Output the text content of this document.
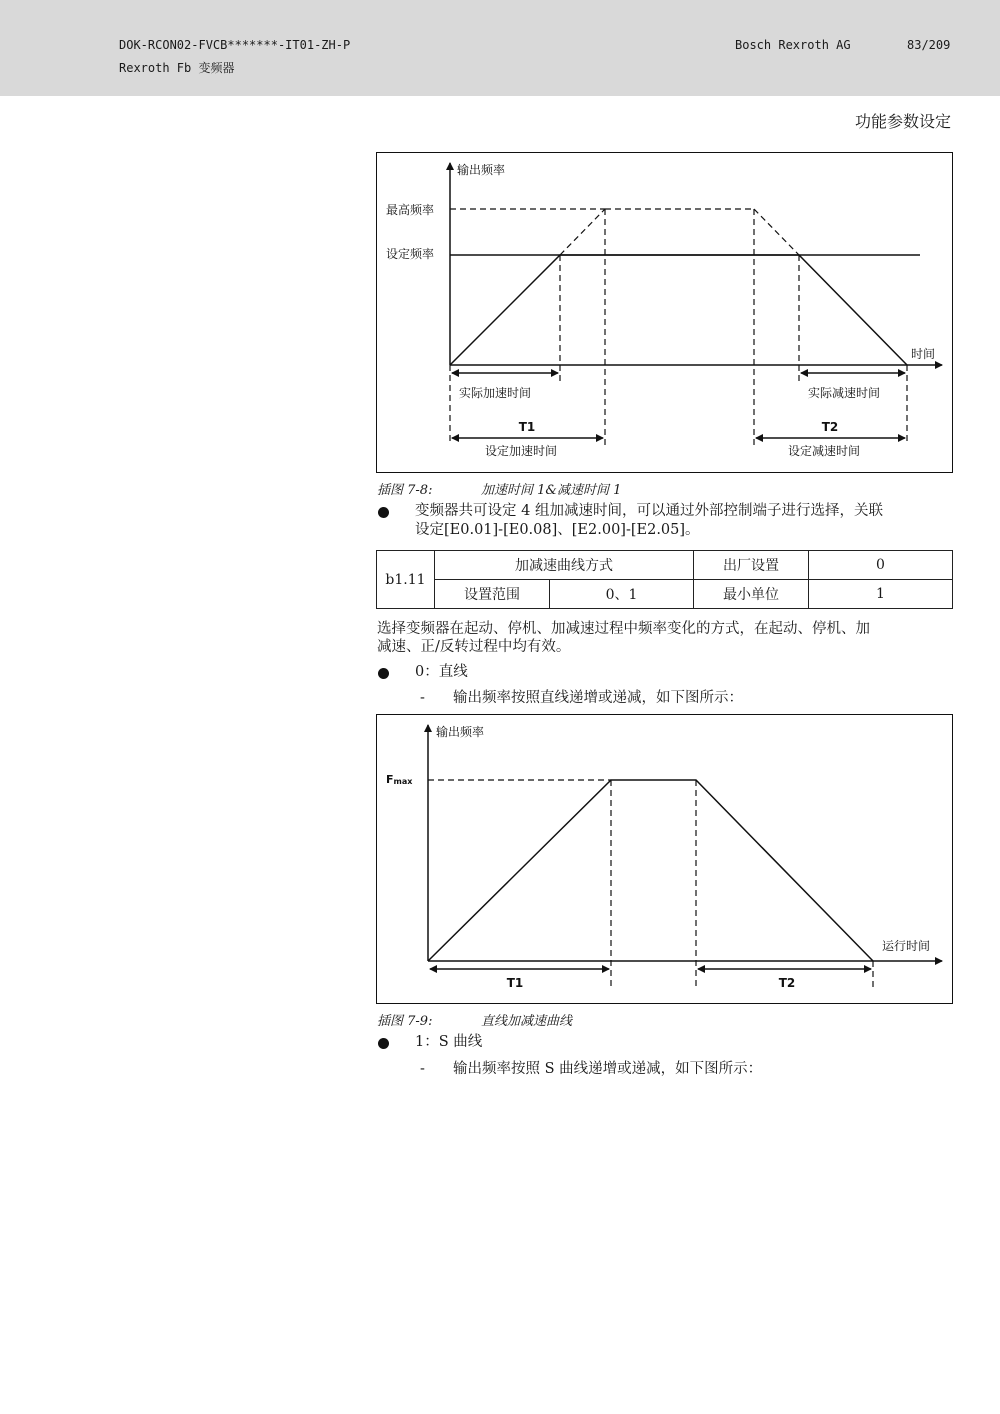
DOK-RCON02-FVCB*******-IT01-ZH-P
Rexroth Fb 变频器
Bosch Rexroth AG	83/209
功能参数设定
输出频率
时间
最高频率
设定频率
实际加速时间	实际减速时间
T1	T2
设定加速时间	设定减速时间
插图 7-8:	加速时间 1&减速时间 1
变频器共可设定 4 组加减速时间，可以通过外部控制端子进行选择，关联
设定[E0.01]-[E0.08]、[E2.00]-[E2.05]。
b1.11	加减速曲线方式		出厂设置	0
	设置范围	0、1	最小单位	1
选择变频器在起动、停机、加减速过程中频率变化的方式，在起动、停机、加
减速、正/反转过程中均有效。
0：直线
- 输出频率按照直线递增或递减，如下图所示：
输出频率
运行时间
Fmax
T1	T2
插图 7-9:	直线加减速曲线
1：S 曲线
- 输出频率按照 S 曲线递增或递减，如下图所示：
